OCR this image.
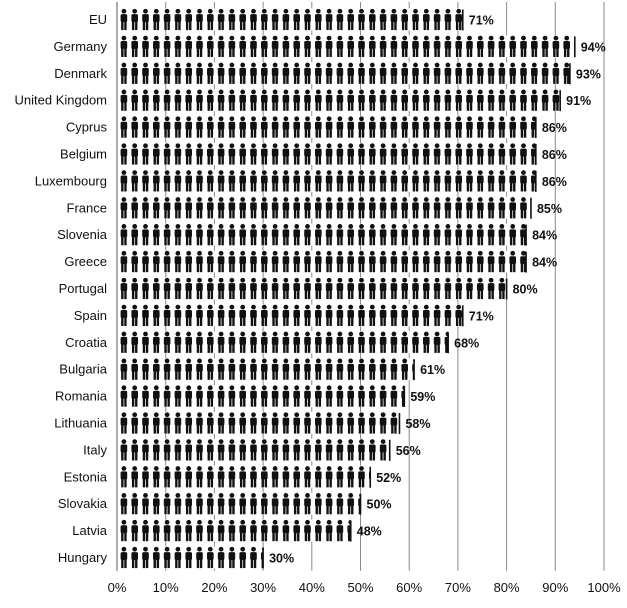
0% 10% 20% 30% 40% 50% 60% 70% 80% 90% 100%
EU	71%
Germany	94%
Denmark	93%
United Kingdom	91%
Cyprus	86%
Belgium	86%
Luxembourg	86%
France	85%
Slovenia	84%
Greece	84%
Portugal	80%
Spain	71%
Croatia	68%
Bulgaria	61%
Romania	59%
Lithuania	58%
Italy	56%
Estonia	52%
Slovakia	50%
Latvia	48%
Hungary	30%
